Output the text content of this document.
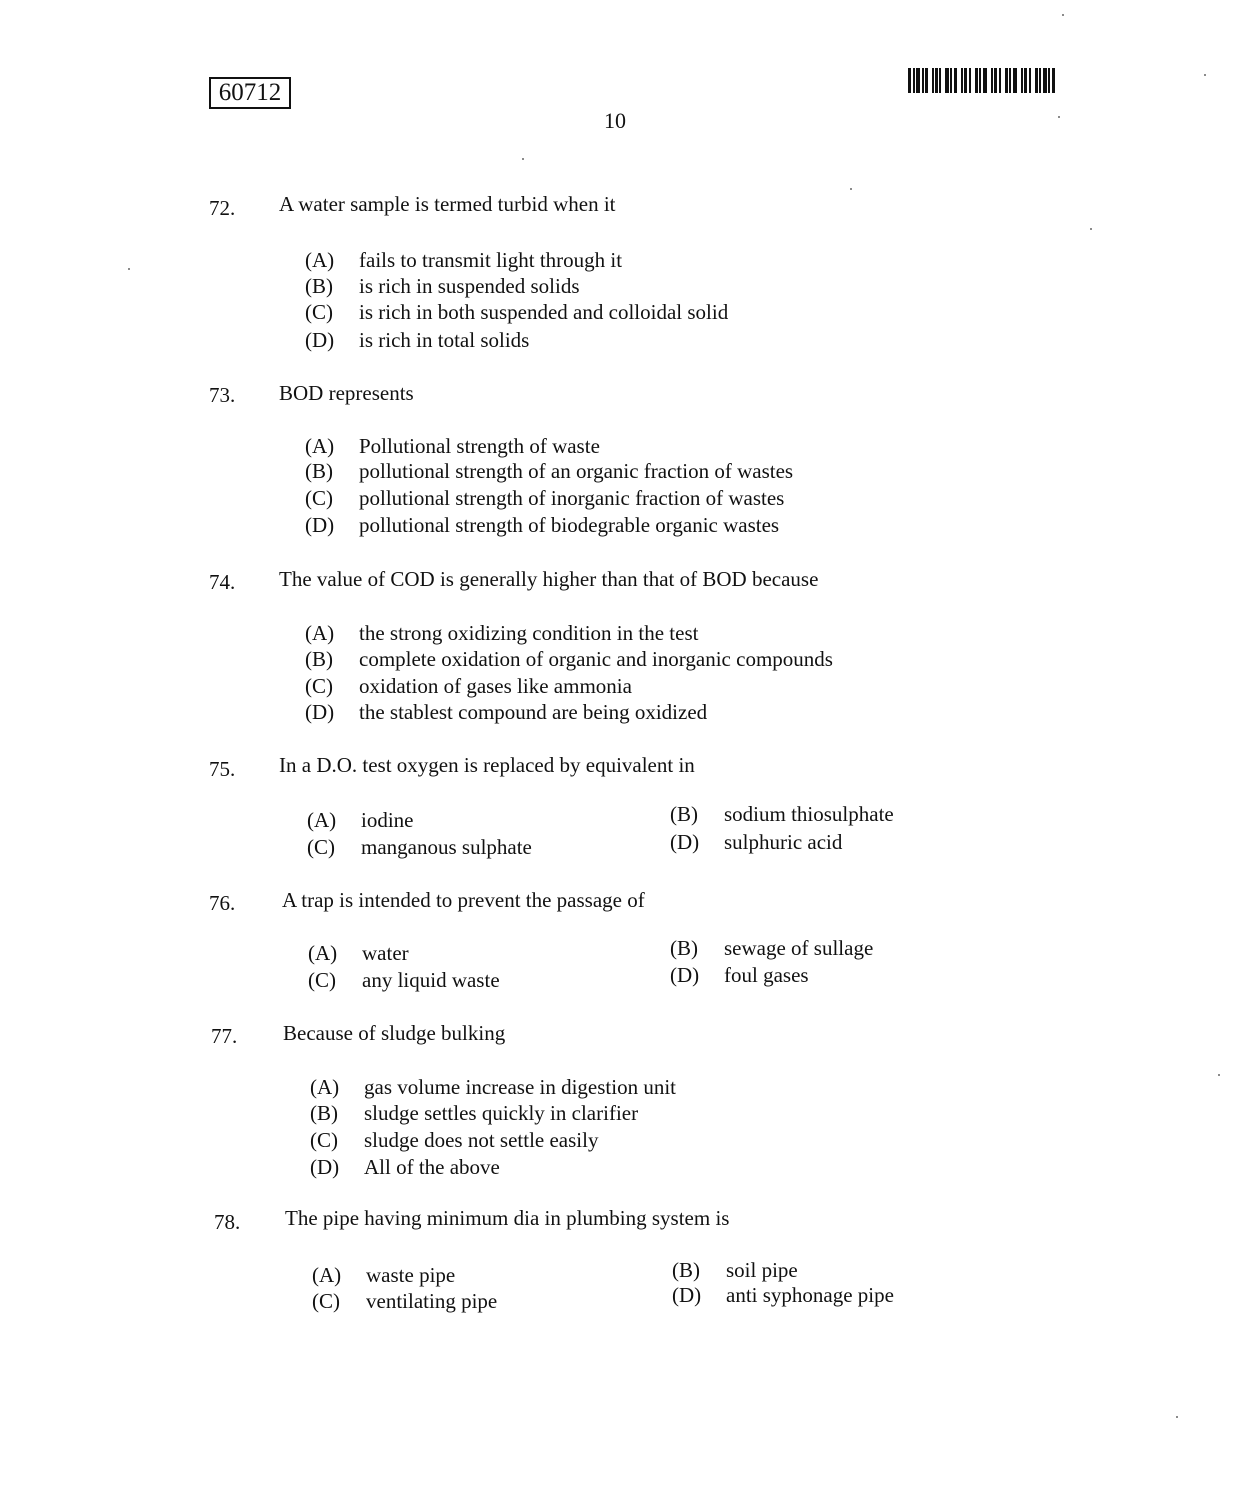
60712
10
72. A water sample is termed turbid when it
(A) fails to transmit light through it
(B) is rich in suspended solids
(C) is rich in both suspended and colloidal solid
(D) is rich in total solids
73. BOD represents
(A) Pollutional strength of waste
(B) pollutional strength of an organic fraction of wastes
(C) pollutional strength of inorganic fraction of wastes
(D) pollutional strength of biodegrable organic wastes
74. The value of COD is generally higher than that of BOD because
(A) the strong oxidizing condition in the test
(B) complete oxidation of organic and inorganic compounds
(C) oxidation of gases like ammonia
(D) the stablest compound are being oxidized
75. In a D.O. test oxygen is replaced by equivalent in
(A) iodine	(B) sodium thiosulphate
(C) manganous sulphate	(D) sulphuric acid
76. A trap is intended to prevent the passage of
(A) water	(B) sewage of sullage
(C) any liquid waste	(D) foul gases
77. Because of sludge bulking
(A) gas volume increase in digestion unit
(B) sludge settles quickly in clarifier
(C) sludge does not settle easily
(D) All of the above
78. The pipe having minimum dia in plumbing system is
(A) waste pipe	(B) soil pipe
(C) ventilating pipe	(D) anti syphonage pipe
